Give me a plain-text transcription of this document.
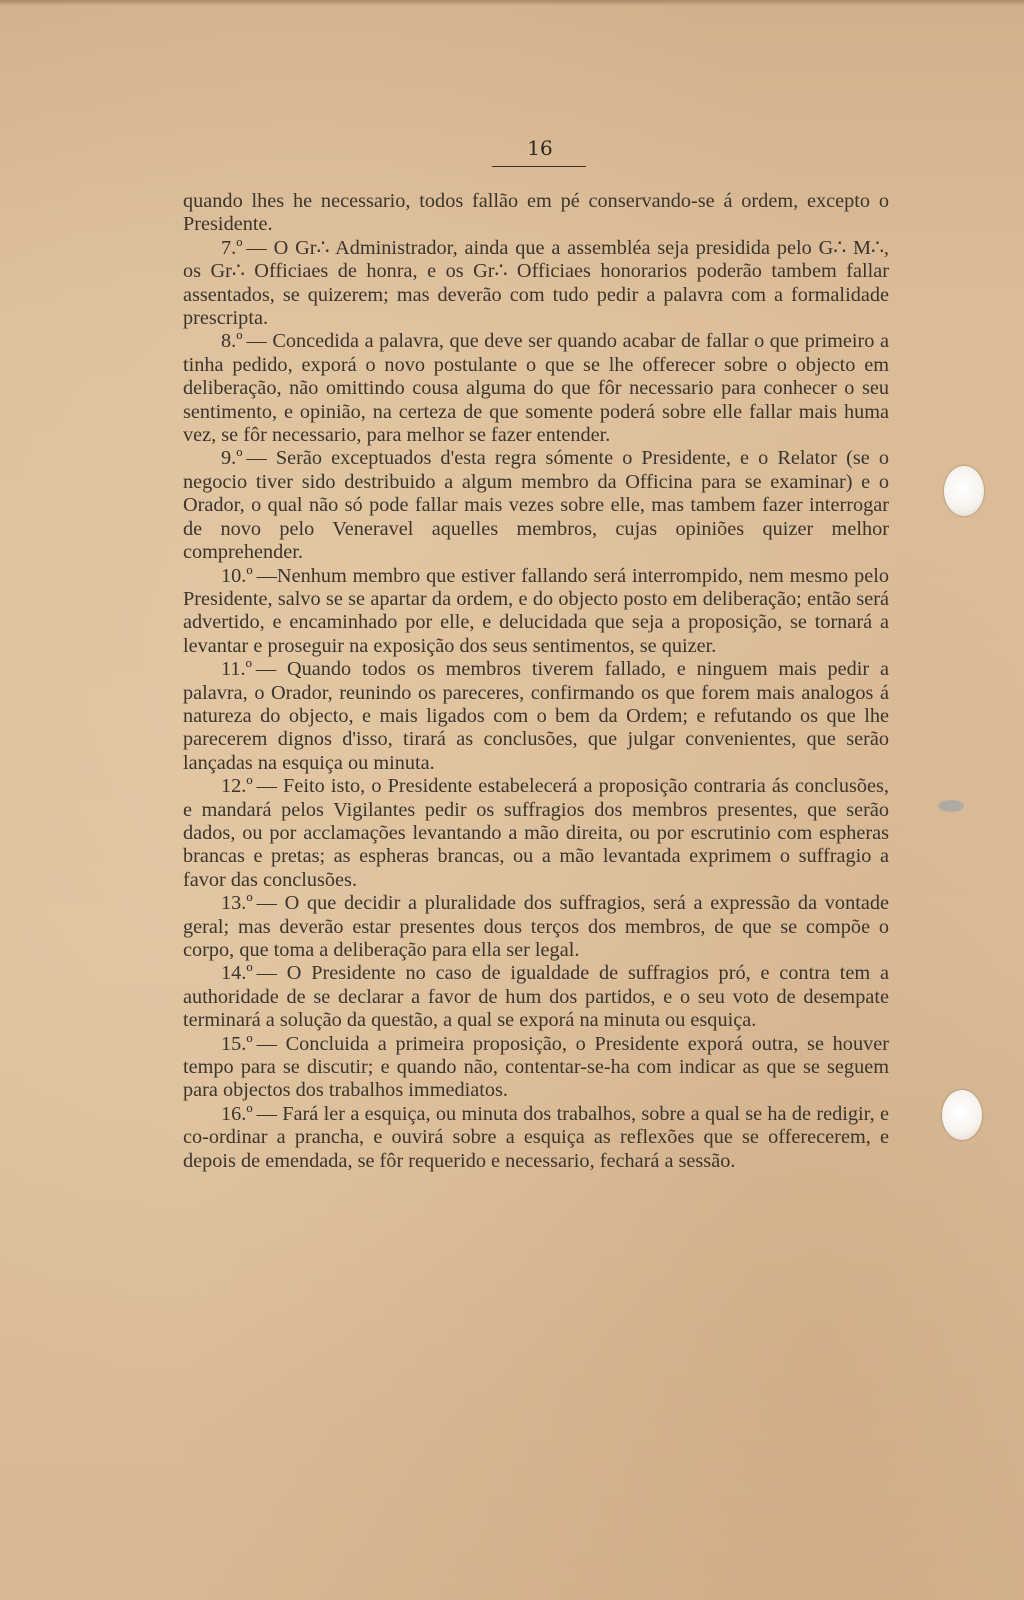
16

quando lhes he necessario, todos fallão em pé conservando-se á ordem, excepto o Presidente.

7.º — O Gr∴ Administrador, ainda que a assembléa seja presidida pelo G∴ M∴, os Gr∴ Officiaes de honra, e os Gr∴ Officiaes honorarios poderão tambem fallar assentados, se quizerem; mas deverão com tudo pedir a palavra com a formalidade prescripta.

8.º — Concedida a palavra, que deve ser quando acabar de fallar o que primeiro a tinha pedido, exporá o novo postulante o que se lhe offerecer sobre o objecto em deliberação, não omittindo cousa alguma do que fôr necessario para conhecer o seu sentimento, e opinião, na certeza de que somente poderá sobre elle fallar mais huma vez, se fôr necessario, para melhor se fazer entender.

9.º — Serão exceptuados d'esta regra sómente o Presidente, e o Relator (se o negocio tiver sido destribuido a algum membro da Officina para se examinar) e o Orador, o qual não só pode fallar mais vezes sobre elle, mas tambem fazer interrogar de novo pelo Veneravel aquelles membros, cujas opiniões quizer melhor comprehender.

10.º —Nenhum membro que estiver fallando será interrompido, nem mesmo pelo Presidente, salvo se se apartar da ordem, e do objecto posto em deliberação; então será advertido, e encaminhado por elle, e delucidada que seja a proposição, se tornará a levantar e proseguir na exposição dos seus sentimentos, se quizer.

11.º — Quando todos os membros tiverem fallado, e ninguem mais pedir a palavra, o Orador, reunindo os pareceres, confirmando os que forem mais analogos á natureza do objecto, e mais ligados com o bem da Ordem; e refutando os que lhe parecerem dignos d'isso, tirará as conclusões, que julgar convenientes, que serão lançadas na esquiça ou minuta.

12.º — Feito isto, o Presidente estabelecerá a proposição contraria ás conclusões, e mandará pelos Vigilantes pedir os suffragios dos membros presentes, que serão dados, ou por acclamações levantando a mão direita, ou por escrutinio com espheras brancas e pretas; as espheras brancas, ou a mão levantada exprimem o suffragio a favor das conclusões.

13.º — O que decidir a pluralidade dos suffragios, será a expressão da vontade geral; mas deverão estar presentes dous terços dos membros, de que se compõe o corpo, que toma a deliberação para ella ser legal.

14.º — O Presidente no caso de igualdade de suffragios pró, e contra tem a authoridade de se declarar a favor de hum dos partidos, e o seu voto de desempate terminará a solução da questão, a qual se exporá na minuta ou esquiça.

15.º — Concluida a primeira proposição, o Presidente exporá outra, se houver tempo para se discutir; e quando não, contentar-se-ha com indicar as que se seguem para objectos dos trabalhos immediatos.

16.º — Fará ler a esquiça, ou minuta dos trabalhos, sobre a qual se ha de redigir, e co-ordinar a prancha, e ouvirá sobre a esquiça as reflexões que se offerecerem, e depois de emendada, se fôr requerido e necessario, fechará a sessão.
